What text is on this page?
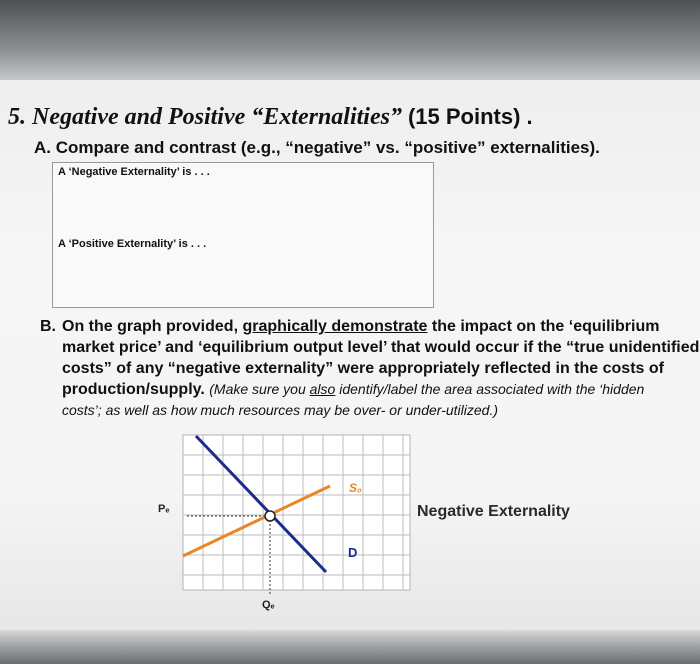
5. Negative and Positive “Externalities” (15 Points) .

A. Compare and contrast (e.g., “negative” vs. “positive” externalities).

A ‘Negative Externality’ is . . .
A ‘Positive Externality’ is . . .
B. On the graph provided, graphically demonstrate the impact on the ‘equilibrium
market price’ and ‘equilibrium output level’ that would occur if the “true unidentified
costs” of any “negative externality” were appropriately reflected in the costs of
production/supply. (Make sure you also identify/label the area associated with the ‘hidden
costs’; as well as how much resources may be over- or under-utilized.)
Pₑ
Qₑ
S₀
D
Negative Externality
